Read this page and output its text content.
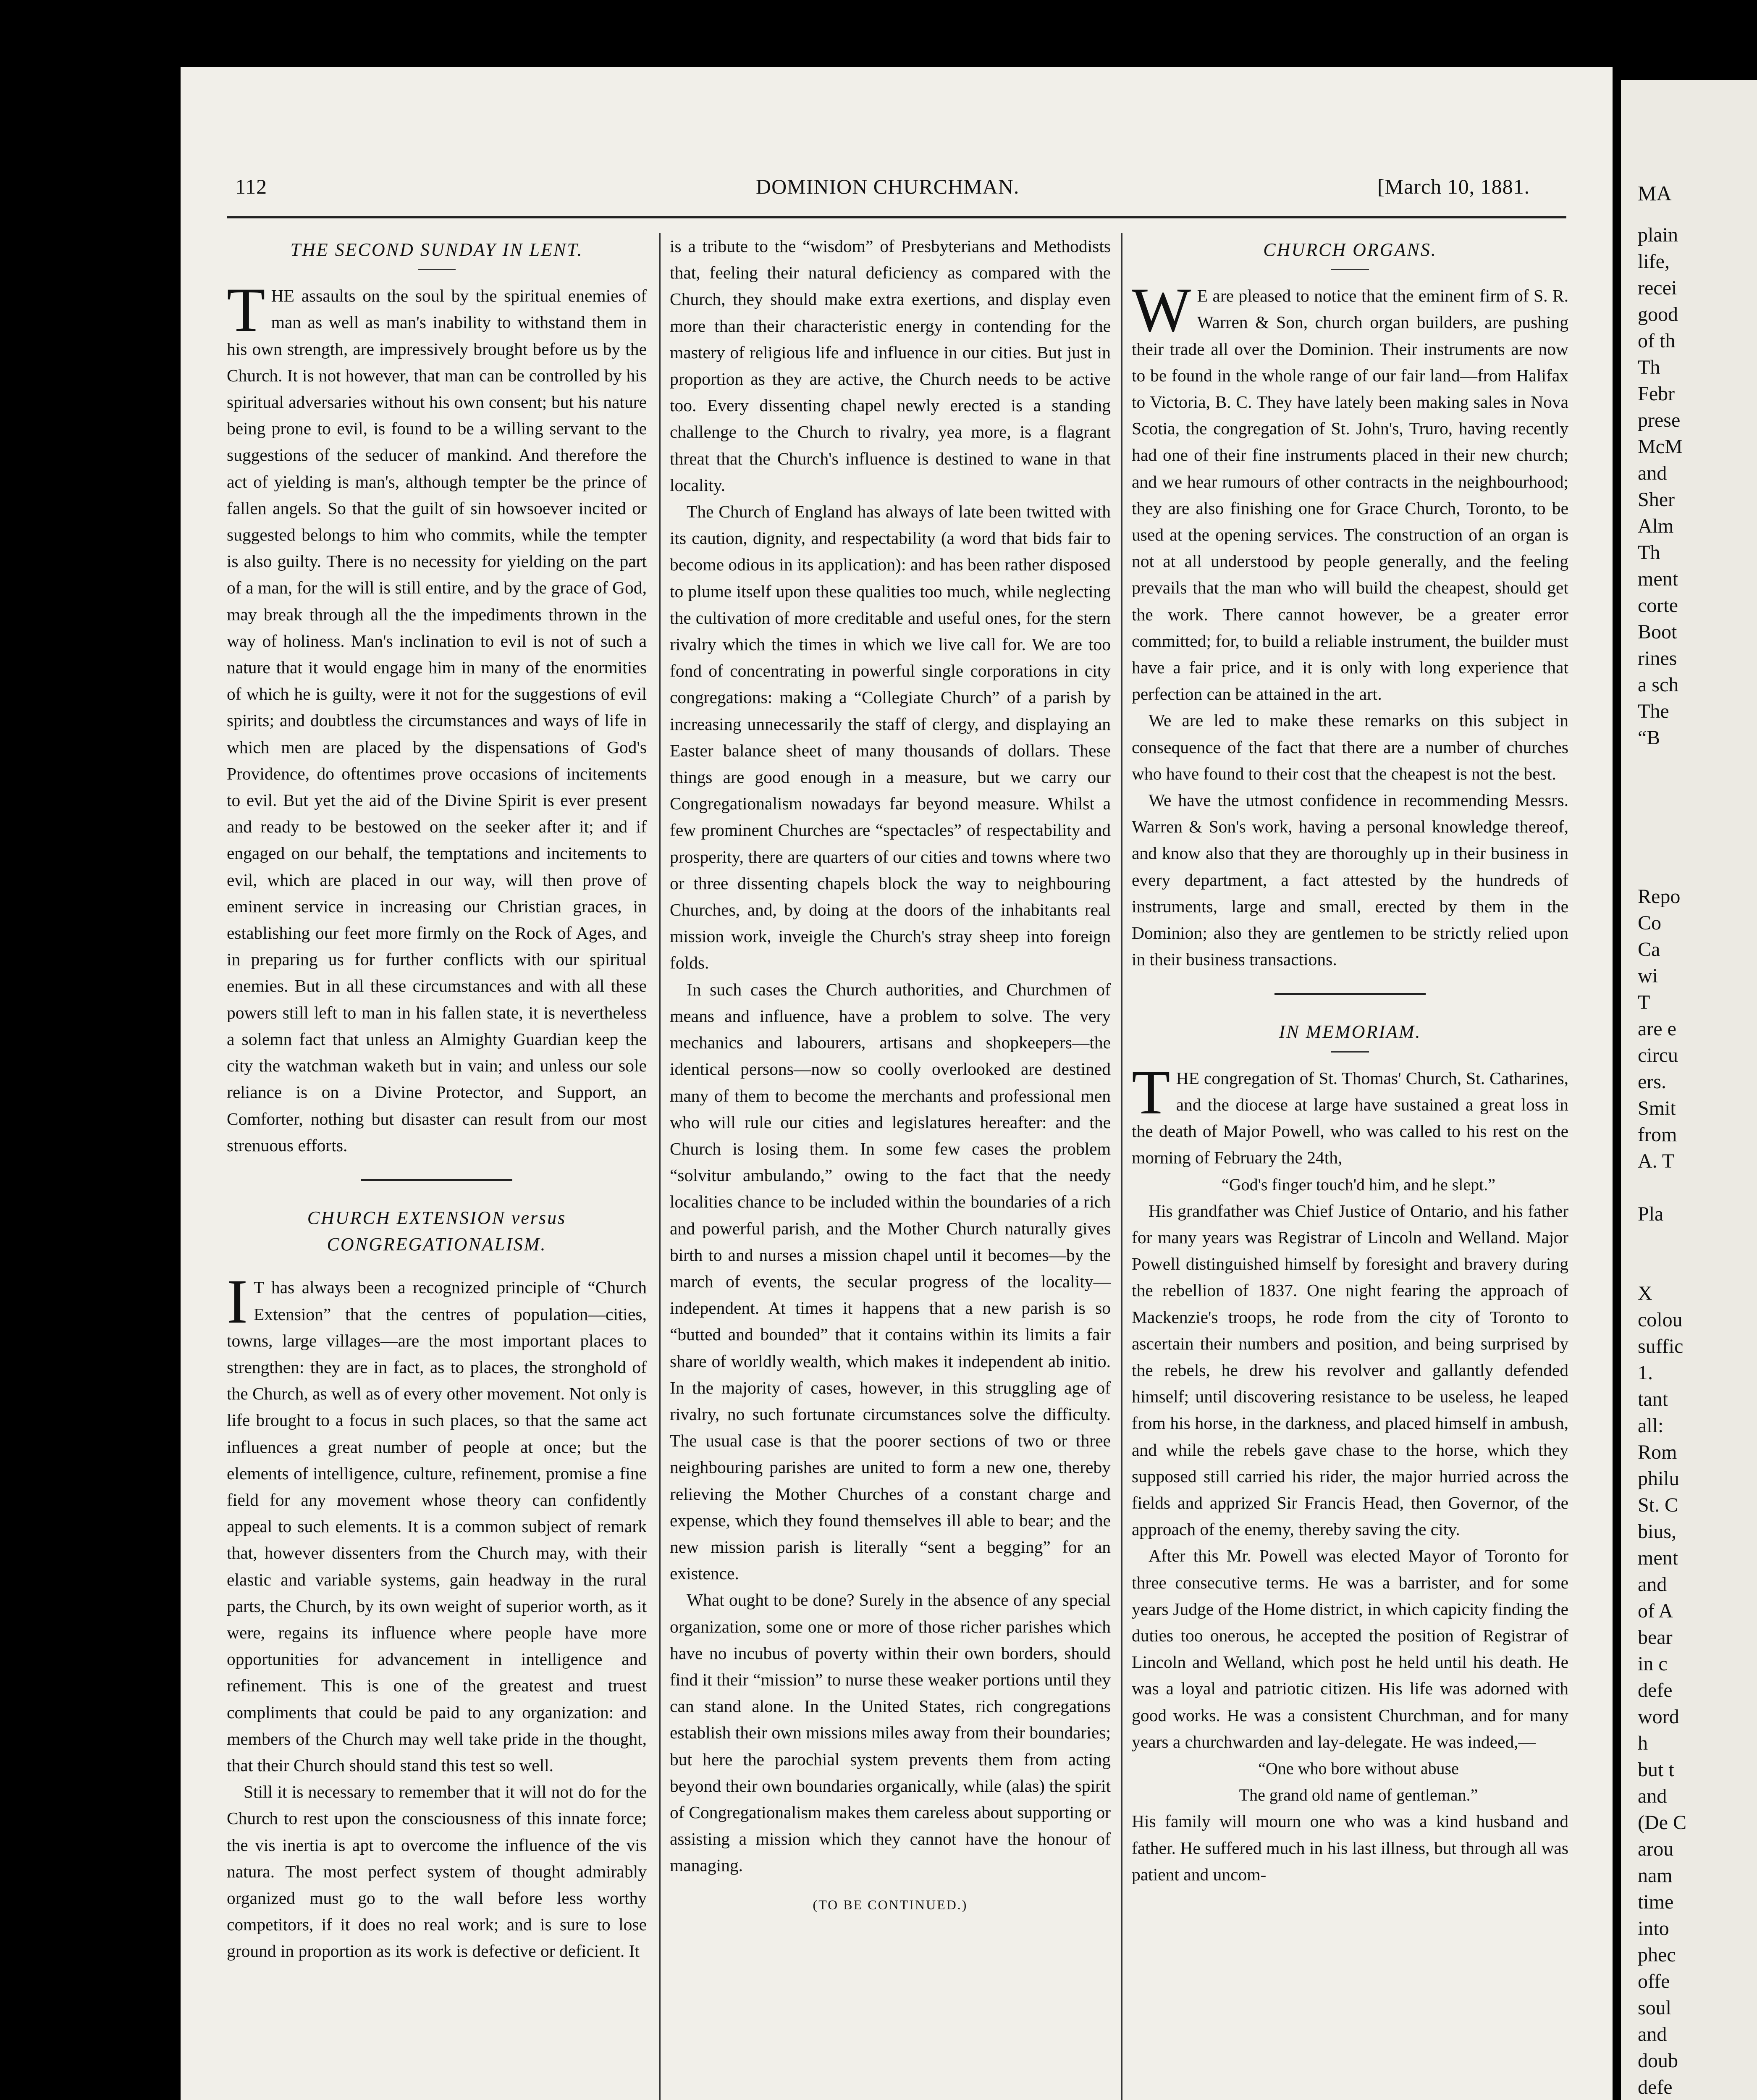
112	DOMINION CHURCHMAN.	[March 10, 1881.
THE SECOND SUNDAY IN LENT.

THE assaults on the soul by the spiritual enemies of man as well as man's inability to withstand them in his own strength, are impressively brought before us by the Church. It is not however, that man can be controlled by his spiritual adversaries without his own consent; but his nature being prone to evil, is found to be a willing servant to the suggestions of the seducer of mankind. And therefore the act of yielding is man's, although tempter be the prince of fallen angels. So that the guilt of sin howsoever incited or suggested belongs to him who commits, while the tempter is also guilty. There is no necessity for yielding on the part of a man, for the will is still entire, and by the grace of God, may break through all the the impediments thrown in the way of holiness. Man's inclination to evil is not of such a nature that it would engage him in many of the enormities of which he is guilty, were it not for the suggestions of evil spirits; and doubtless the circumstances and ways of life in which men are placed by the dispensations of God's Providence, do oftentimes prove occasions of incitements to evil. But yet the aid of the Divine Spirit is ever present and ready to be bestowed on the seeker after it; and if engaged on our behalf, the temptations and incitements to evil, which are placed in our way, will then prove of eminent service in increasing our Christian graces, in establishing our feet more firmly on the Rock of Ages, and in preparing us for further conflicts with our spiritual enemies. But in all these circumstances and with all these powers still left to man in his fallen state, it is nevertheless a solemn fact that unless an Almighty Guardian keep the city the watchman waketh but in vain; and unless our sole reliance is on a Divine Protector, and Support, an Comforter, nothing but disaster can result from our most strenuous efforts.

CHURCH EXTENSION versus CONGREGATIONALISM.

I T has always been a recognized principle of “Church Extension” that the centres of population—cities, towns, large villages—are the most important places to strengthen: they are in fact, as to places, the stronghold of the Church, as well as of every other movement. Not only is life brought to a focus in such places, so that the same act influences a great number of people at once; but the elements of intelligence, culture, refinement, promise a fine field for any movement whose theory can confidently appeal to such elements. It is a common subject of remark that, however dissenters from the Church may, with their elastic and variable systems, gain headway in the rural parts, the Church, by its own weight of superior worth, as it were, regains its influence where people have more opportunities for advancement in intelligence and refinement. This is one of the greatest and truest compliments that could be paid to any organization: and members of the Church may well take pride in the thought, that their Church should stand this test so well.

Still it is necessary to remember that it will not do for the Church to rest upon the consciousness of this innate force; the vis inertia is apt to overcome the influence of the vis natura. The most perfect system of thought admirably organized must go to the wall before less worthy competitors, if it does no real work; and is sure to lose ground in proportion as its work is defective or deficient. It

is a tribute to the “wisdom” of Presbyterians and Methodists that, feeling their natural deficiency as compared with the Church, they should make extra exertions, and display even more than their characteristic energy in contending for the mastery of religious life and influence in our cities. But just in proportion as they are active, the Church needs to be active too. Every dissenting chapel newly erected is a standing challenge to the Church to rivalry, yea more, is a flagrant threat that the Church's influence is destined to wane in that locality.

The Church of England has always of late been twitted with its caution, dignity, and respectability (a word that bids fair to become odious in its application): and has been rather disposed to plume itself upon these qualities too much, while neglecting the cultivation of more creditable and useful ones, for the stern rivalry which the times in which we live call for. We are too fond of concentrating in powerful single corporations in city congregations: making a “Collegiate Church” of a parish by increasing unnecessarily the staff of clergy, and displaying an Easter balance sheet of many thousands of dollars. These things are good enough in a measure, but we carry our Congregationalism nowadays far beyond measure. Whilst a few prominent Churches are “spectacles” of respectability and prosperity, there are quarters of our cities and towns where two or three dissenting chapels block the way to neighbouring Churches, and, by doing at the doors of the inhabitants real mission work, inveigle the Church's stray sheep into foreign folds.

In such cases the Church authorities, and Churchmen of means and influence, have a problem to solve. The very mechanics and labourers, artisans and shopkeepers—the identical persons—now so coolly overlooked are destined many of them to become the merchants and professional men who will rule our cities and legislatures hereafter: and the Church is losing them. In some few cases the problem “solvitur ambulando,” owing to the fact that the needy localities chance to be included within the boundaries of a rich and powerful parish, and the Mother Church naturally gives birth to and nurses a mission chapel until it becomes—by the march of events, the secular progress of the locality—independent. At times it happens that a new parish is so “butted and bounded” that it contains within its limits a fair share of worldly wealth, which makes it independent ab initio. In the majority of cases, however, in this struggling age of rivalry, no such fortunate circumstances solve the difficulty. The usual case is that the poorer sections of two or three neighbouring parishes are united to form a new one, thereby relieving the Mother Churches of a constant charge and expense, which they found themselves ill able to bear; and the new mission parish is literally “sent a begging” for an existence.

What ought to be done? Surely in the absence of any special organization, some one or more of those richer parishes which have no incubus of poverty within their own borders, should find it their “mission” to nurse these weaker portions until they can stand alone. In the United States, rich congregations establish their own missions miles away from their boundaries; but here the parochial system prevents them from acting beyond their own boundaries organically, while (alas) the spirit of Congregationalism makes them careless about supporting or assisting a mission which they cannot have the honour of managing.

(TO BE CONTINUED.)
CHURCH ORGANS.

W E are pleased to notice that the eminent firm of S. R. Warren & Son, church organ builders, are pushing their trade all over the Dominion. Their instruments are now to be found in the whole range of our fair land—from Halifax to Victoria, B. C. They have lately been making sales in Nova Scotia, the congregation of St. John's, Truro, having recently had one of their fine instruments placed in their new church; and we hear rumours of other contracts in the neighbourhood; they are also finishing one for Grace Church, Toronto, to be used at the opening services. The construction of an organ is not at all understood by people generally, and the feeling prevails that the man who will build the cheapest, should get the work. There cannot however, be a greater error committed; for, to build a reliable instrument, the builder must have a fair price, and it is only with long experience that perfection can be attained in the art.

We are led to make these remarks on this subject in consequence of the fact that there are a number of churches who have found to their cost that the cheapest is not the best.

We have the utmost confidence in recommending Messrs. Warren & Son's work, having a personal knowledge thereof, and know also that they are thoroughly up in their business in every department, a fact attested by the hundreds of instruments, large and small, erected by them in the Dominion; also they are gentlemen to be strictly relied upon in their business transactions.

IN MEMORIAM.

THE congregation of St. Thomas' Church, St. Catharines, and the diocese at large have sustained a great loss in the death of Major Powell, who was called to his rest on the morning of February the 24th,

“God's finger touch'd him, and he slept.”

His grandfather was Chief Justice of Ontario, and his father for many years was Registrar of Lincoln and Welland. Major Powell distinguished himself by foresight and bravery during the rebellion of 1837. One night fearing the approach of Mackenzie's troops, he rode from the city of Toronto to ascertain their numbers and position, and being surprised by the rebels, he drew his revolver and gallantly defended himself; until discovering resistance to be useless, he leaped from his horse, in the darkness, and placed himself in ambush, and while the rebels gave chase to the horse, which they supposed still carried his rider, the major hurried across the fields and apprized Sir Francis Head, then Governor, of the approach of the enemy, thereby saving the city.

After this Mr. Powell was elected Mayor of Toronto for three consecutive terms. He was a barrister, and for some years Judge of the Home district, in which capicity finding the duties too onerous, he accepted the position of Registrar of Lincoln and Welland, which post he held until his death. He was a loyal and patriotic citizen. His life was adorned with good works. He was a consistent Churchman, and for many years a churchwarden and lay-delegate. He was indeed,—

“One who bore without abuse

The grand old name of gentleman.”

His family will mourn one who was a kind husband and father. He suffered much in his last illness, but through all was patient and uncom-

MA
plain
life,
recei
good
of th
Th
Febr
prese
McM
and
Sher
Alm
Th
ment
corte
Boot
rines
a sch
The
“B
Repo
Co
Ca
wi
T
are e
circu
ers.
Smit
from
A. T
Pla
X
colou
suffic
1.
tant
all:
Rom
philu
St. C
bius,
ment
and
of A
bear
in c
defe
word
h
but t
and
(De C
arou
nam
time
into
phec
offe
soul
and
doub
defe
